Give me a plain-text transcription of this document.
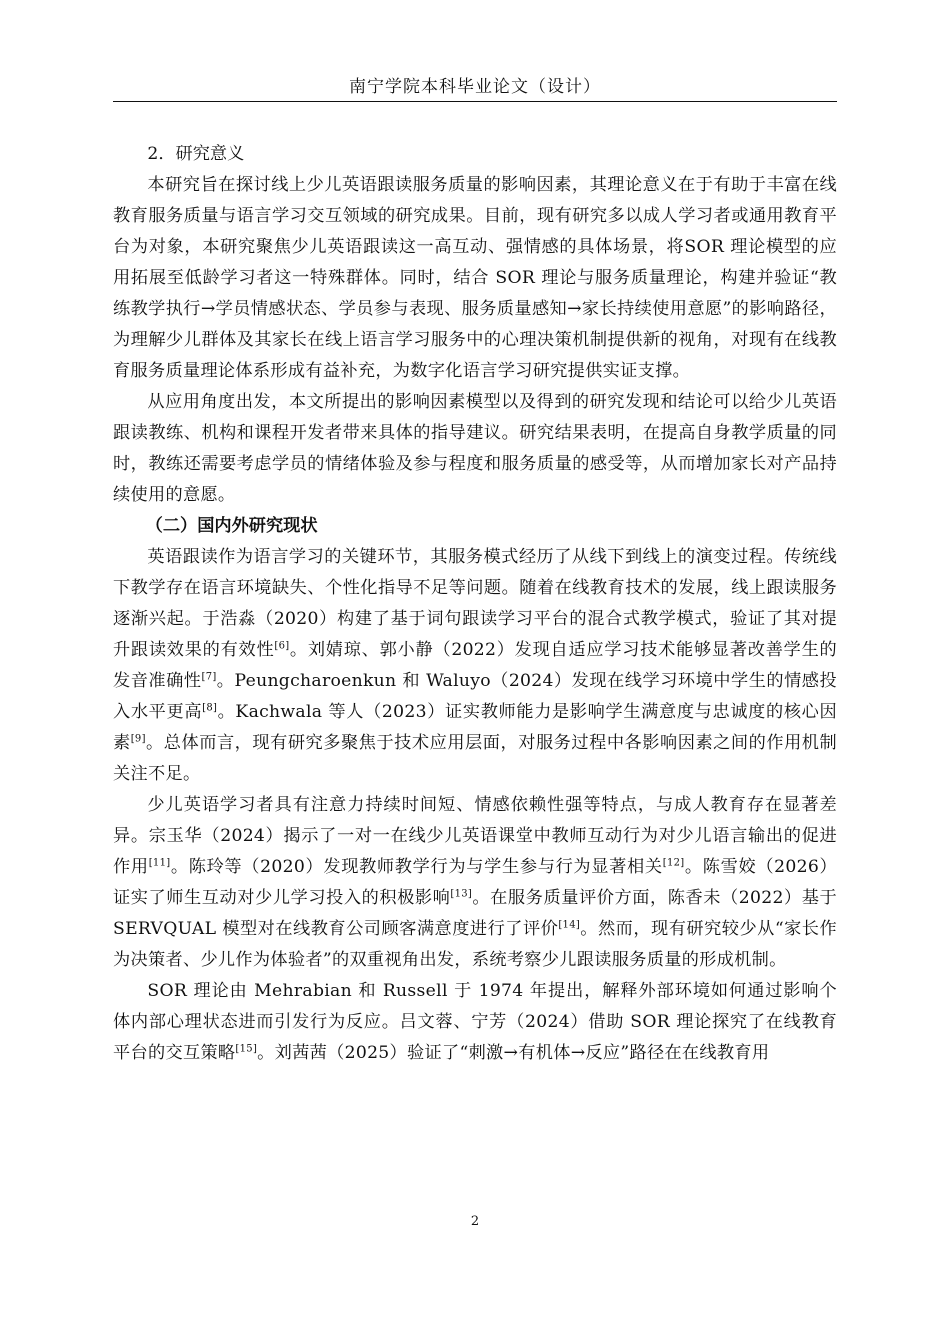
南宁学院本科毕业论文（设计）
2．研究意义

本研究旨在探讨线上少儿英语跟读服务质量的影响因素，其理论意义在于有助于丰富在线教育服务质量与语言学习交互领域的研究成果。目前，现有研究多以成人学习者或通用教育平台为对象，本研究聚焦少儿英语跟读这一高互动、强情感的具体场景，将SOR 理论模型的应用拓展至低龄学习者这一特殊群体。同时，结合 SOR 理论与服务质量理论，构建并验证“教练教学执行→学员情感状态、学员参与表现、服务质量感知→家长持续使用意愿”的影响路径，为理解少儿群体及其家长在线上语言学习服务中的心理决策机制提供新的视角，对现有在线教育服务质量理论体系形成有益补充，为数字化语言学习研究提供实证支撑。

从应用角度出发，本文所提出的影响因素模型以及得到的研究发现和结论可以给少儿英语跟读教练、机构和课程开发者带来具体的指导建议。研究结果表明，在提高自身教学质量的同时，教练还需要考虑学员的情绪体验及参与程度和服务质量的感受等，从而增加家长对产品持续使用的意愿。

（二）国内外研究现状

英语跟读作为语言学习的关键环节，其服务模式经历了从线下到线上的演变过程。传统线下教学存在语言环境缺失、个性化指导不足等问题。随着在线教育技术的发展，线上跟读服务逐渐兴起。于浩淼（2020）构建了基于词句跟读学习平台的混合式教学模式，验证了其对提升跟读效果的有效性[6]。刘婧琼、郭小静（2022）发现自适应学习技术能够显著改善学生的发音准确性[7]。Peungcharoenkun 和 Waluyo（2024）发现在线学习环境中学生的情感投入水平更高[8]。Kachwala 等人（2023）证实教师能力是影响学生满意度与忠诚度的核心因素[9]。总体而言，现有研究多聚焦于技术应用层面，对服务过程中各影响因素之间的作用机制关注不足。

少儿英语学习者具有注意力持续时间短、情感依赖性强等特点，与成人教育存在显著差异。宗玉华（2024）揭示了一对一在线少儿英语课堂中教师互动行为对少儿语言输出的促进作用[11]。陈玲等（2020）发现教师教学行为与学生参与行为显著相关[12]。陈雪姣（2026）证实了师生互动对少儿学习投入的积极影响[13]。在服务质量评价方面，陈香未（2022）基于 SERVQUAL 模型对在线教育公司顾客满意度进行了评价[14]。然而，现有研究较少从“家长作为决策者、少儿作为体验者”的双重视角出发，系统考察少儿跟读服务质量的形成机制。

SOR 理论由 Mehrabian 和 Russell 于 1974 年提出，解释外部环境如何通过影响个体内部心理状态进而引发行为反应。吕文蓉、宁芳（2024）借助 SOR 理论探究了在线教育平台的交互策略[15]。刘茜茜（2025）验证了“刺激→有机体→反应”路径在在线教育用

2
